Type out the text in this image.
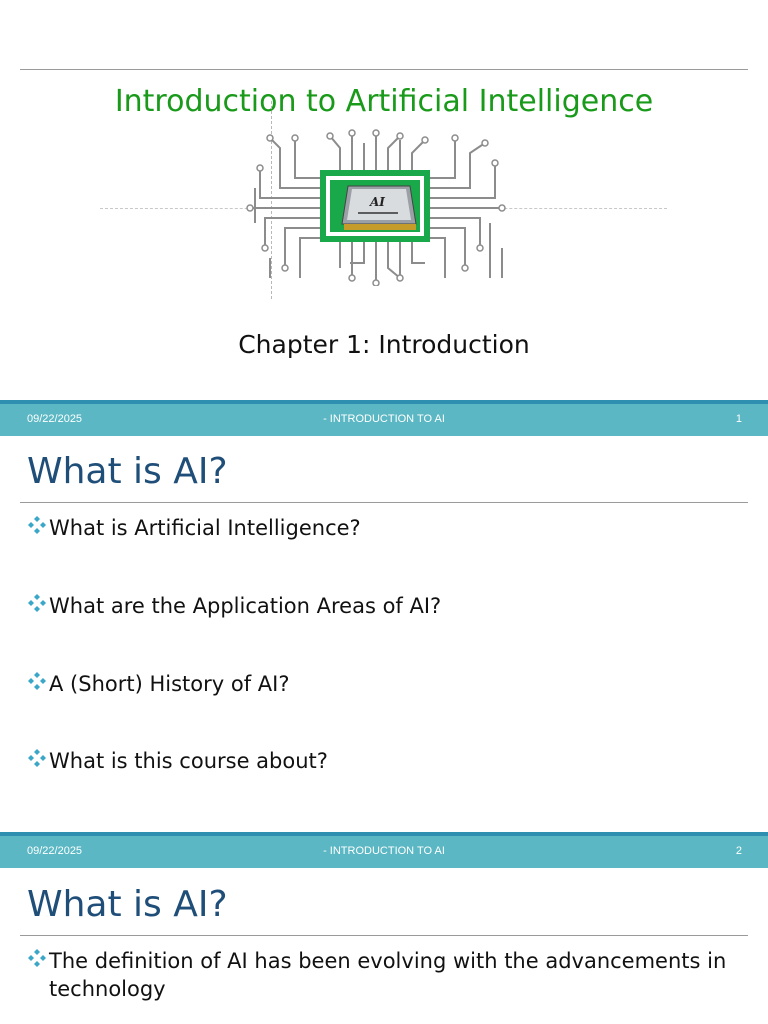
Introduction to Artificial Intelligence
AI
Chapter 1: Introduction
09/22/2025	- INTRODUCTION TO AI	1
What is AI?
What is Artificial Intelligence?
What are the Application Areas of AI?
A (Short) History of AI?
What is this course about?
09/22/2025	- INTRODUCTION TO AI	2
What is AI?
The definition of AI has been evolving with the advancements in technology
